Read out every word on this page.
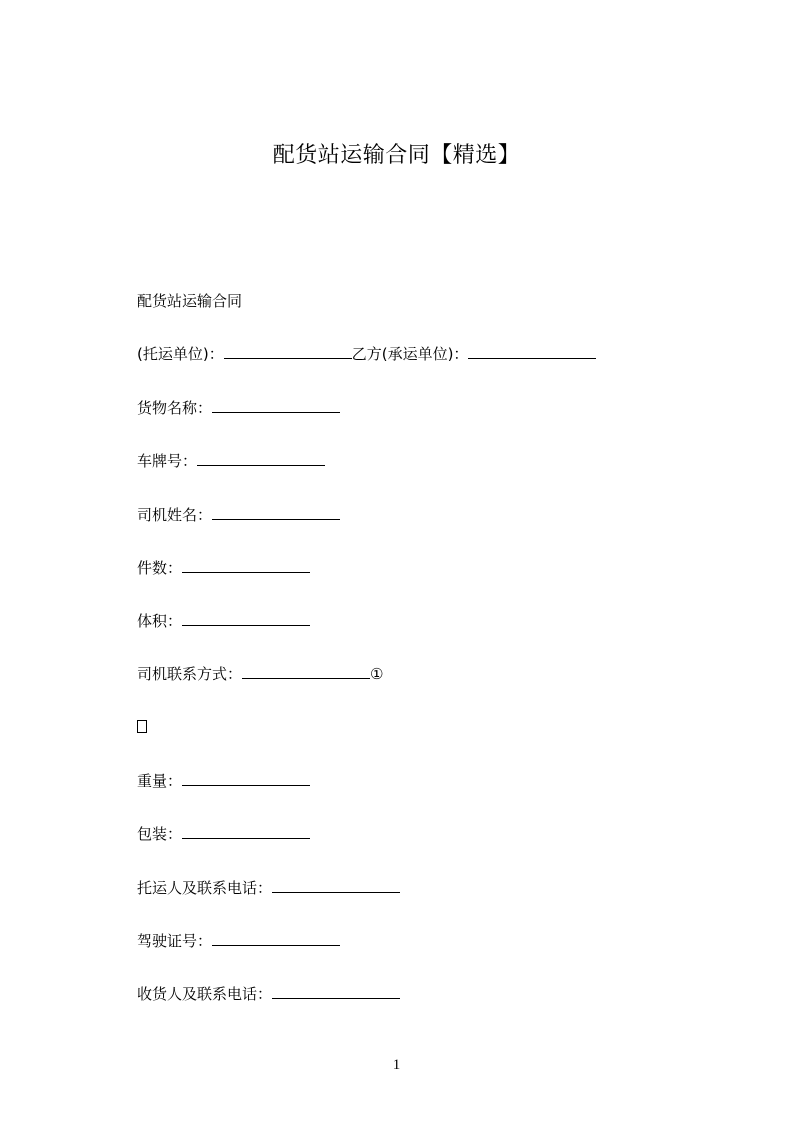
配货站运输合同【精选】

配货站运输合同

(托运单位)：	乙方(承运单位)：

货物名称：

车牌号：

司机姓名：

件数：

体积：

司机联系方式：	①

重量：

包装：

托运人及联系电话：

驾驶证号：

收货人及联系电话：

1
